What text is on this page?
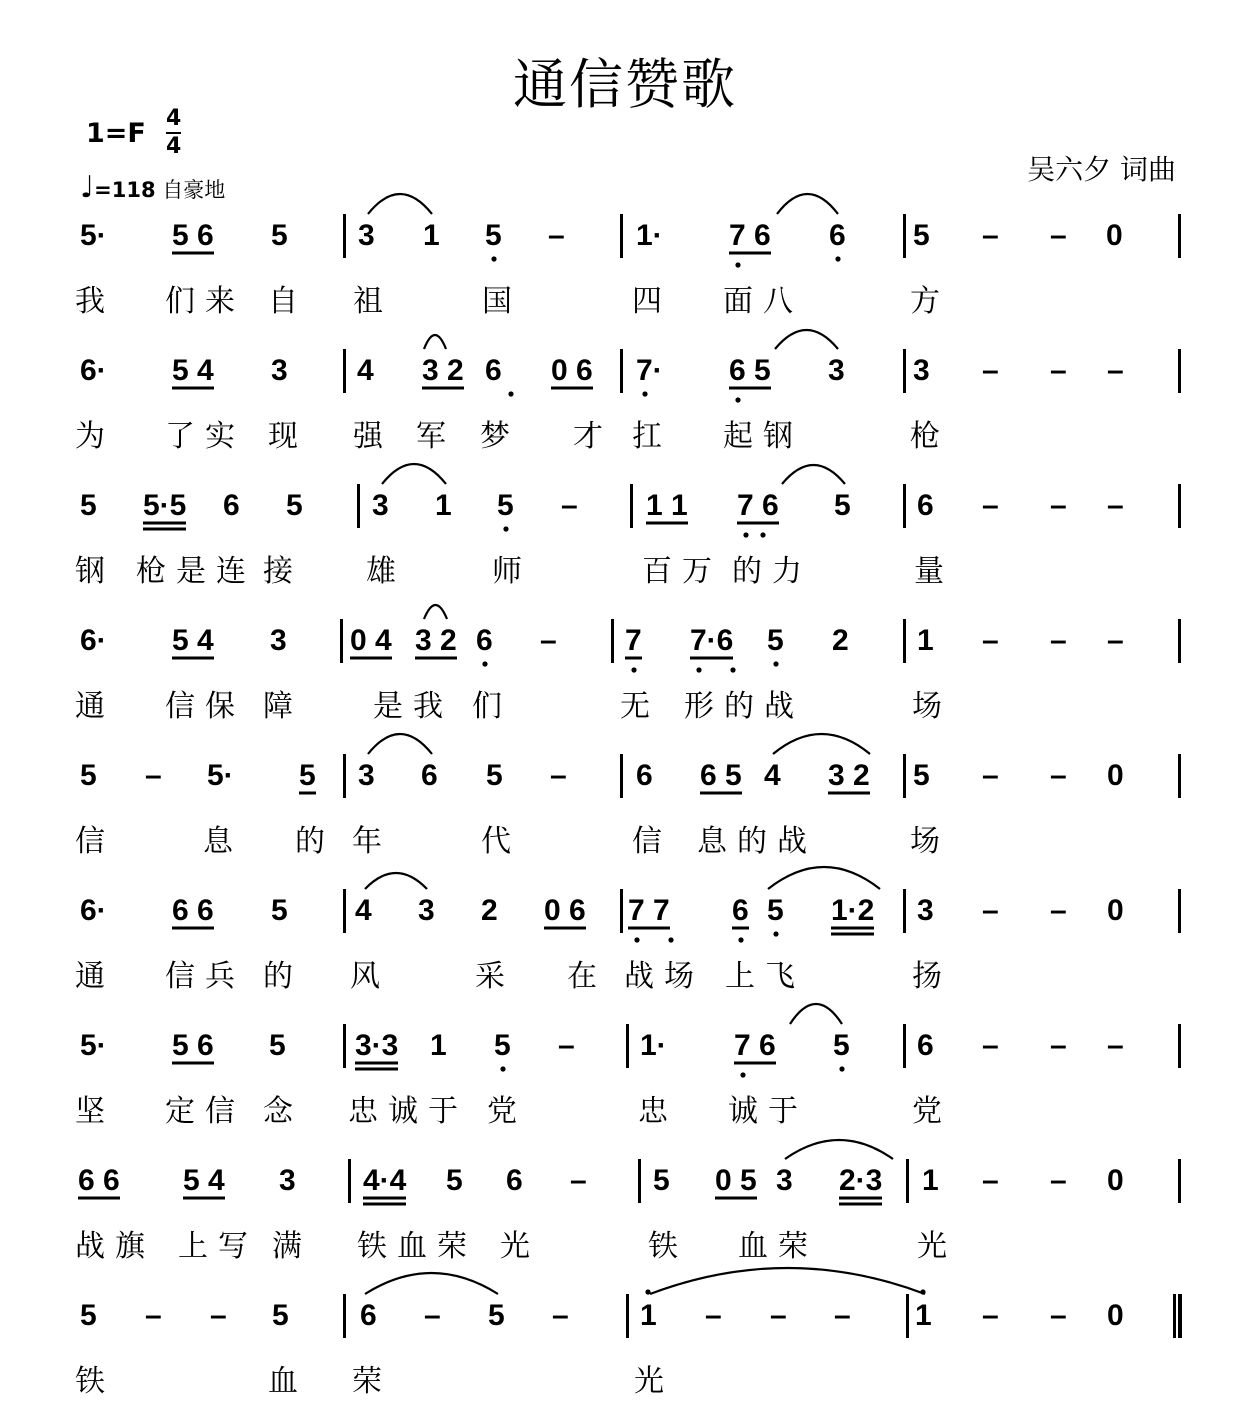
通信赞歌
1=F 4
4
♩=118 自豪地
吴六夕 词曲
5· 5 6 5 3 1 5 – 1· 7 6 6 5 – – 0
我 们来 自 祖	国	四 面八	方
6· 5 4 3 4 3 2 6 0 6 7· 6 5 3 3 – – –
为 了实 现 强 军 梦 才 扛 起钢	枪
5 5·5 6 5 3 1 5 – 1 1 7 6 5 6 – – –
钢 枪是连 接 雄	师	百万 的力	量
6· 5 4 3 0 4 3 2 6 – 7 7·6 5 2 1 – – –
通 信保 障	是我 们	无 形的战	场
5 – 5· 5 3 6 5 – 6 6 5 4 3 2 5 – – 0
信	息 的 年	代	信 息的战	场
6· 6 6 5 4 3 2 0 6 7 7 6 5 1·2 3 – – 0
通 信兵 的 风	采 在 战场 上飞	扬
5· 5 6 5 3·3 1 5 – 1· 7 6 5 6 – – –
坚 定信 念 忠诚于 党	忠 诚于	党
6 6 5 4 3 4·4 5 6 – 5 0 5 3 2·3 1 – – 0
战旗 上写 满 铁血荣 光	铁 血荣	光
5 – – 5 6 – 5 – 1 – – – 1 – – 0
铁	血 荣	光
